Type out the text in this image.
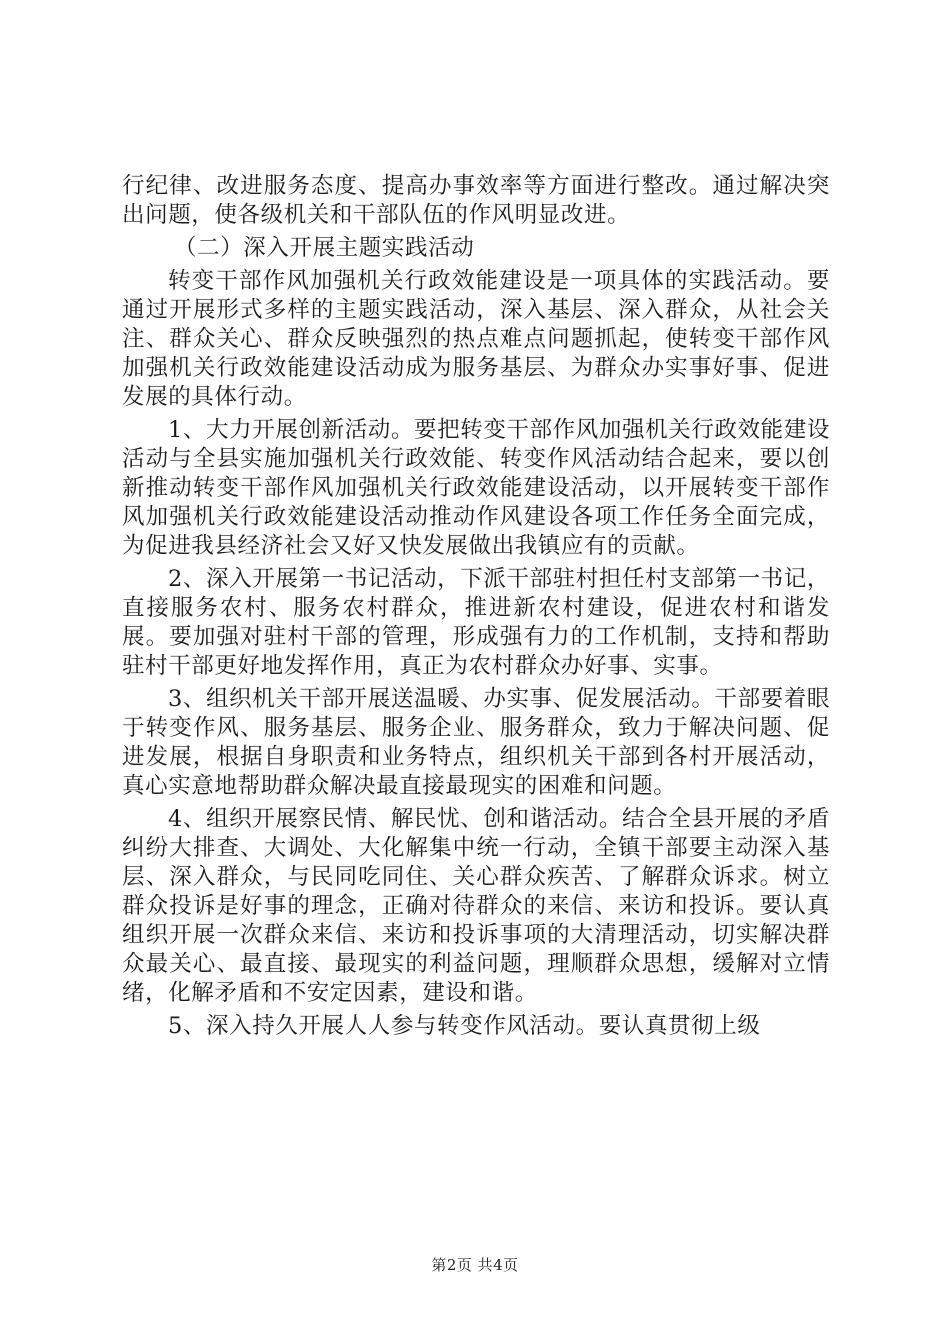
行纪律、改进服务态度、提高办事效率等方面进行整改。通过解决突出问题，使各级机关和干部队伍的作风明显改进。

（二）深入开展主题实践活动

转变干部作风加强机关行政效能建设是一项具体的实践活动。要通过开展形式多样的主题实践活动，深入基层、深入群众，从社会关注、群众关心、群众反映强烈的热点难点问题抓起，使转变干部作风加强机关行政效能建设活动成为服务基层、为群众办实事好事、促进发展的具体行动。

1、大力开展创新活动。要把转变干部作风加强机关行政效能建设活动与全县实施加强机关行政效能、转变作风活动结合起来，要以创新推动转变干部作风加强机关行政效能建设活动，以开展转变干部作风加强机关行政效能建设活动推动作风建设各项工作任务全面完成，为促进我县经济社会又好又快发展做出我镇应有的贡献。

2、深入开展第一书记活动，下派干部驻村担任村支部第一书记，直接服务农村、服务农村群众，推进新农村建设，促进农村和谐发展。要加强对驻村干部的管理，形成强有力的工作机制，支持和帮助驻村干部更好地发挥作用，真正为农村群众办好事、实事。

3、组织机关干部开展送温暖、办实事、促发展活动。干部要着眼于转变作风、服务基层、服务企业、服务群众，致力于解决问题、促进发展，根据自身职责和业务特点，组织机关干部到各村开展活动，真心实意地帮助群众解决最直接最现实的困难和问题。

4、组织开展察民情、解民忧、创和谐活动。结合全县开展的矛盾纠纷大排查、大调处、大化解集中统一行动，全镇干部要主动深入基层、深入群众，与民同吃同住、关心群众疾苦、了解群众诉求。树立群众投诉是好事的理念，正确对待群众的来信、来访和投诉。要认真组织开展一次群众来信、来访和投诉事项的大清理活动，切实解决群众最关心、最直接、最现实的利益问题，理顺群众思想，缓解对立情绪，化解矛盾和不安定因素，建设和谐。

5、深入持久开展人人参与转变作风活动。要认真贯彻上级

第2页 共4页
